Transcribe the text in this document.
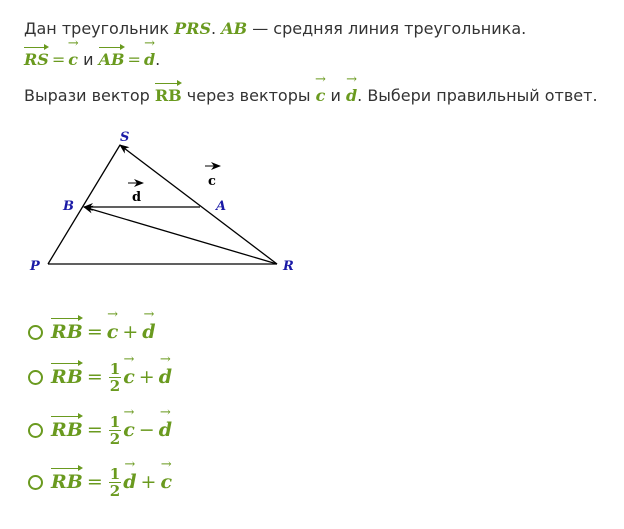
Дан треугольник PRS. AB — средняя линия треугольника.
RS =→ c и AB =→ d.
Вырази вектор RB через векторы → c и → d. Выбери правильный ответ.
S
B	A
P	R
d
c
RB =
→ c +
→ d
RB = $\frac{1}{2}$
→ c +
→ d
RB = $\frac{1}{2}$
→ c −
→ d
RB = $\frac{1}{2}$
→ d +
→ c
